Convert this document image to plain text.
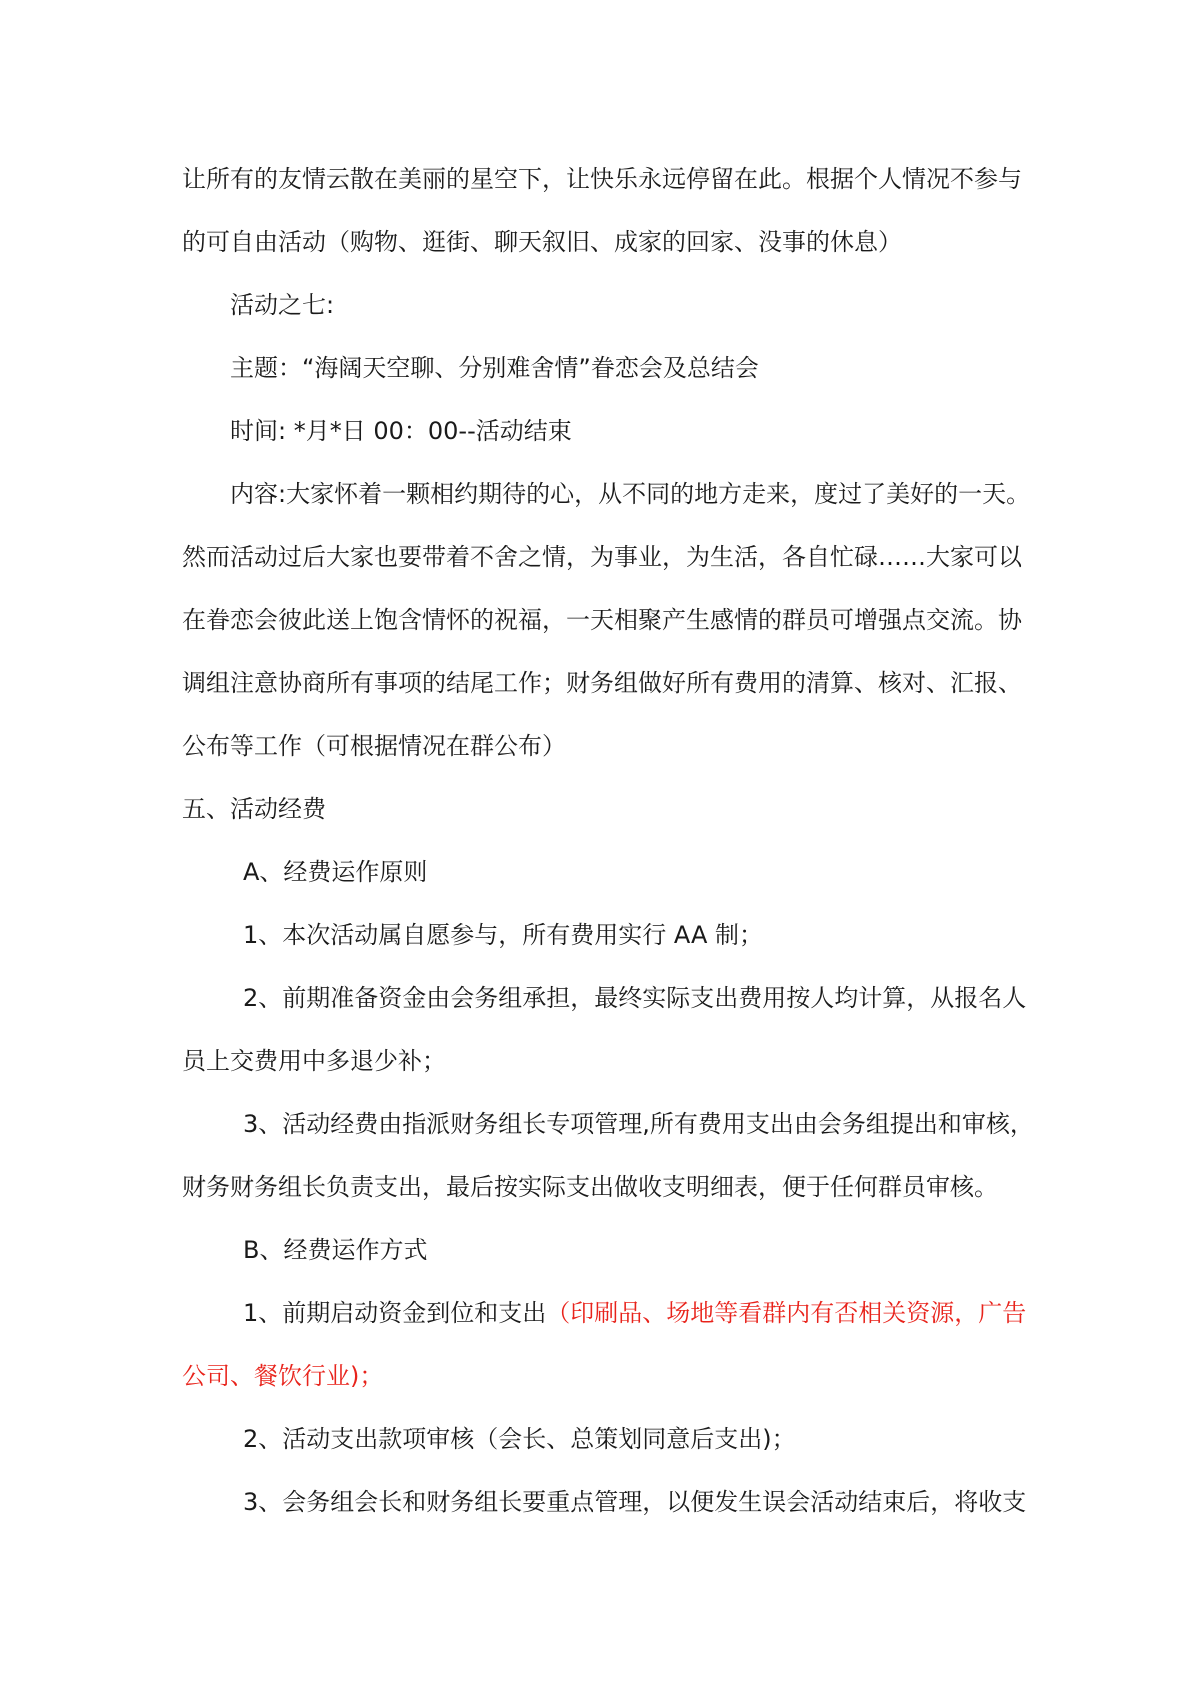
让所有的友情云散在美丽的星空下，让快乐永远停留在此。根据个人情况不参与
的可自由活动（购物、逛街、聊天叙旧、成家的回家、没事的休息）
活动之七:
主题：“海阔天空聊、分别难舍情”眷恋会及总结会
时间: *月*日 00：00--活动结束
内容:大家怀着一颗相约期待的心，从不同的地方走来，度过了美好的一天。
然而活动过后大家也要带着不舍之情，为事业，为生活，各自忙碌……大家可以
在眷恋会彼此送上饱含情怀的祝福，一天相聚产生感情的群员可增强点交流。协
调组注意协商所有事项的结尾工作；财务组做好所有费用的清算、核对、汇报、
公布等工作（可根据情况在群公布）
五、活动经费
A、经费运作原则
1、本次活动属自愿参与，所有费用实行 AA 制；
2、前期准备资金由会务组承担，最终实际支出费用按人均计算，从报名人
员上交费用中多退少补；
3、活动经费由指派财务组长专项管理,所有费用支出由会务组提出和审核，
财务财务组长负责支出，最后按实际支出做收支明细表，便于任何群员审核。
B、经费运作方式
1、前期启动资金到位和支出（印刷品、场地等看群内有否相关资源，广告
公司、餐饮行业)；
2、活动支出款项审核（会长、总策划同意后支出)；
3、会务组会长和财务组长要重点管理，以便发生误会活动结束后，将收支
